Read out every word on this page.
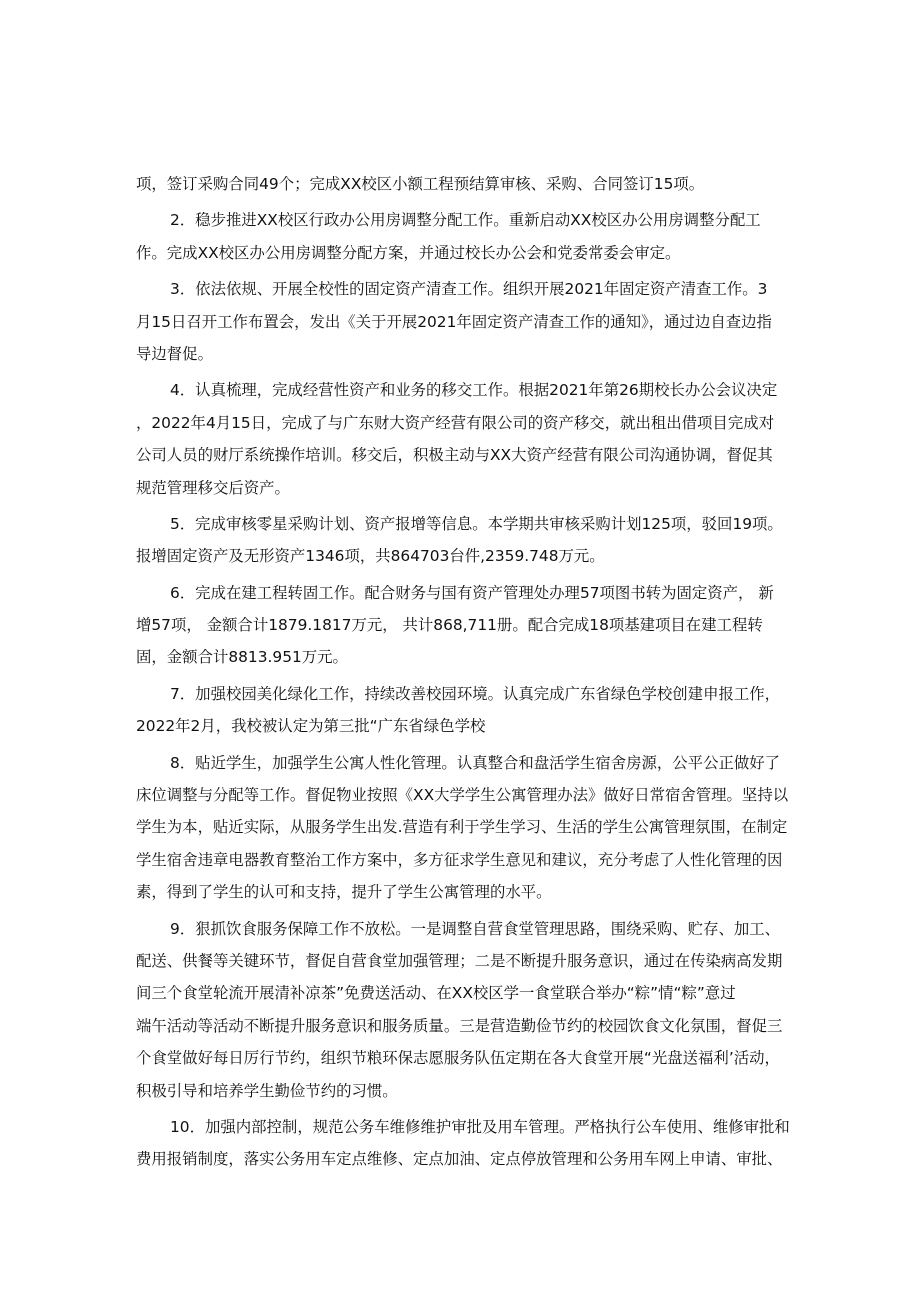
项，签订采购合同49个；完成XX校区小额工程预结算审核、采购、合同签订15项。
2．稳步推进XX校区行政办公用房调整分配工作。重新启动XX校区办公用房调整分配工
作。完成XX校区办公用房调整分配方案，并通过校长办公会和党委常委会审定。
3．依法依规、开展全校性的固定资产清查工作。组织开展2021年固定资产清查工作。3
月15日召开工作布置会，发出《关于开展2021年固定资产清查工作的通知》，通过边自查边指
导边督促。
4．认真梳理，完成经营性资产和业务的移交工作。根据2021年第26期校长办公会议决定
，2022年4月15日，完成了与广东财大资产经营有限公司的资产移交，就出租出借项目完成对
公司人员的财厅系统操作培训。移交后，积极主动与XX大资产经营有限公司沟通协调，督促其
规范管理移交后资产。
5．完成审核零星采购计划、资产报增等信息。本学期共审核采购计划125项，驳回19项。
报增固定资产及无形资产1346项，共864703台件,2359.748万元。
6．完成在建工程转固工作。配合财务与国有资产管理处办理57项图书转为固定资产， 新
增57项， 金额合计1879.1817万元， 共计868,711册。配合完成18项基建项目在建工程转
固，金额合计8813.951万元。
7．加强校园美化绿化工作，持续改善校园环境。认真完成广东省绿色学校创建申报工作，
2022年2月，我校被认定为第三批“广东省绿色学校
8．贴近学生，加强学生公寓人性化管理。认真整合和盘活学生宿舍房源，公平公正做好了
床位调整与分配等工作。督促物业按照《XX大学学生公寓管理办法》做好日常宿舍管理。坚持以
学生为本，贴近实际，从服务学生出发.营造有利于学生学习、生活的学生公寓管理氛围，在制定
学生宿舍违章电器教育整治工作方案中，多方征求学生意见和建议，充分考虑了人性化管理的因
素，得到了学生的认可和支持，提升了学生公寓管理的水平。
9．狠抓饮食服务保障工作不放松。一是调整自营食堂管理思路，围绕采购、贮存、加工、
配送、供餐等关键环节，督促自营食堂加强管理；二是不断提升服务意识，通过在传染病高发期
间三个食堂轮流开展清补凉茶”免费送活动、在XX校区学一食堂联合举办“粽”情“粽”意过
端午活动等活动不断提升服务意识和服务质量。三是营造勤俭节约的校园饮食文化氛围，督促三
个食堂做好每日厉行节约，组织节粮环保志愿服务队伍定期在各大食堂开展“光盘送福利’活动，
积极引导和培养学生勤俭节约的习惯。
10．加强内部控制，规范公务车维修维护审批及用车管理。严格执行公车使用、维修审批和
费用报销制度，落实公务用车定点维修、定点加油、定点停放管理和公务用车网上申请、审批、
